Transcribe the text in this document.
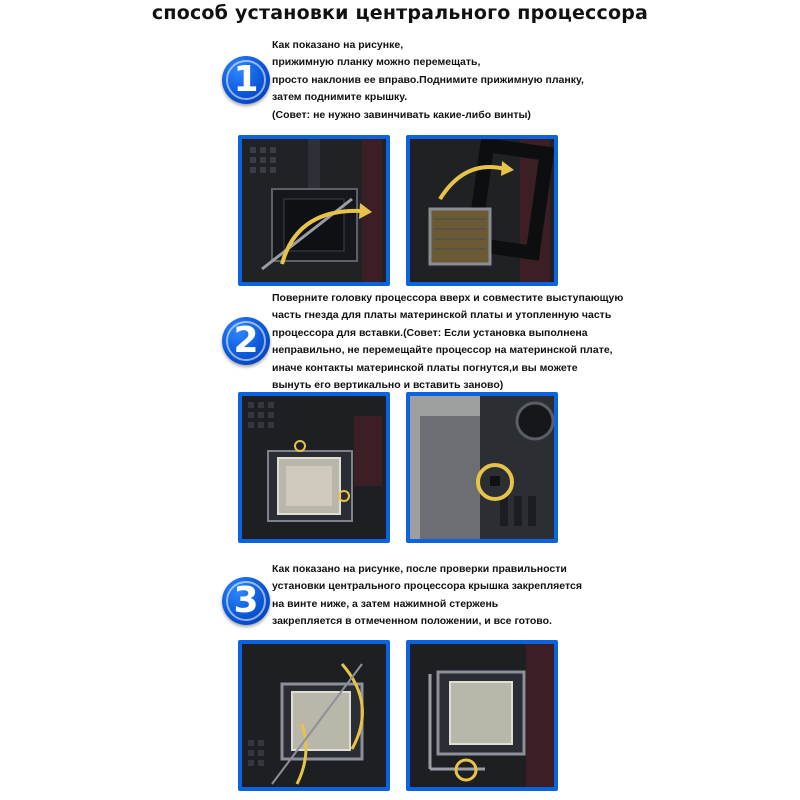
способ установки центрального процессора
1
Как показано на рисунке,
прижимную планку можно перемещать,
просто наклонив ее вправо.Поднимите прижимную планку,
затем поднимите крышку.
(Совет: не нужно завинчивать какие-либо винты)
2
Поверните головку процессора вверх и совместите выступающую
часть гнезда для платы материнской платы и утопленную часть
процессора для вставки.(Совет: Если установка выполнена
неправильно, не перемещайте процессор на материнской плате,
иначе контакты материнской платы погнутся,и вы можете
вынуть его вертикально и вставить заново)
3
Как показано на рисунке, после проверки правильности
установки центрального процессора крышка закрепляется
на винте ниже, а затем нажимной стержень
закрепляется в отмеченном положении, и все готово.
